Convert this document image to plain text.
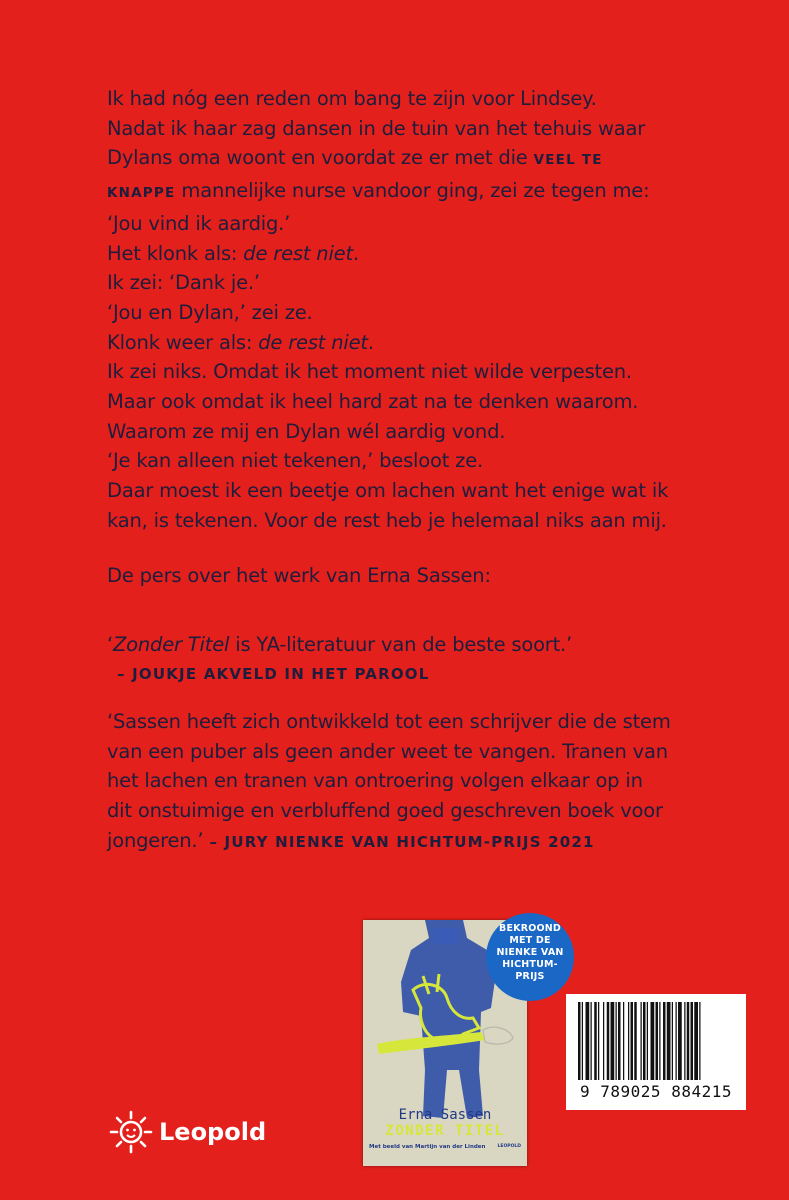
Ik had nóg een reden om bang te zijn voor Lindsey.
Nadat ik haar zag dansen in de tuin van het tehuis waar
Dylans oma woont en voordat ze er met die VEEL TE
KNAPPE mannelijke nurse vandoor ging, zei ze tegen me:
‘Jou vind ik aardig.’
Het klonk als: de rest niet.
Ik zei: ‘Dank je.’
‘Jou en Dylan,’ zei ze.
Klonk weer als: de rest niet.
Ik zei niks. Omdat ik het moment niet wilde verpesten.
Maar ook omdat ik heel hard zat na te denken waarom.
Waarom ze mij en Dylan wél aardig vond.
‘Je kan alleen niet tekenen,’ besloot ze.
Daar moest ik een beetje om lachen want het enige wat ik
kan, is tekenen. Voor de rest heb je helemaal niks aan mij.
De pers over het werk van Erna Sassen:
‘Zonder Titel is YA-literatuur van de beste soort.’
– JOUKJE AKVELD IN HET PAROOL
‘Sassen heeft zich ontwikkeld tot een schrijver die de stem
van een puber als geen ander weet te vangen. Tranen van
het lachen en tranen van ontroering volgen elkaar op in
dit onstuimige en verbluffend goed geschreven boek voor
jongeren.’ – JURY NIENKE VAN HICHTUM-PRIJS 2021
Erna Sassen
ZONDER TITEL
Met beeld van Martijn van der Linden	LEOPOLD
BEKROOND
MET DE
NIENKE VAN
HICHTUM-
PRIJS
9 789025 884215
Leopold
